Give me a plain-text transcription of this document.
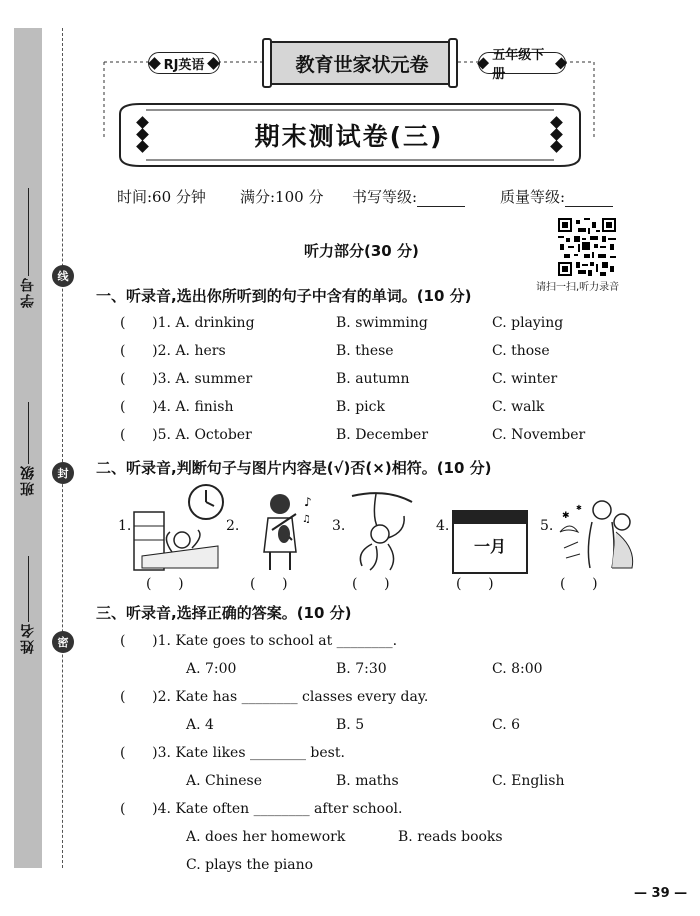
学号
班级
姓名
线
封
密
RJ英语
五年级下册
教育世家状元卷
期末测试卷(三)
时间:60 分钟 满分:100 分 书写等级:	质量等级:
请扫一扫,听力录音
听力部分(30 分)
一、听录音,选出你所听到的句子中含有的单词。(10 分)
(      )1. A. drinking	B. swimming	C. playing
(      )2. A. hers	B. these	C. those
(      )3. A. summer	B. autumn	C. winter
(      )4. A. finish	B. pick	C. walk
(      )5. A. October	B. December	C. November
二、听录音,判断句子与图片内容是(√)否(×)相符。(10 分)
1.	2.
♪
♫ 3.	4.
一月
5.
✱
✱
(      )	(      )	(      )	(      )	(      )
三、听录音,选择正确的答案。(10 分)
(      )1. Kate goes to school at ________.
A. 7:00	B. 7:30	C. 8:00
(      )2. Kate has ________ classes every day.
A. 4	B. 5	C. 6
(      )3. Kate likes ________ best.
A. Chinese	B. maths	C. English
(      )4. Kate often ________ after school.
A. does her homework	B. reads books
C. plays the piano
— 39 —
